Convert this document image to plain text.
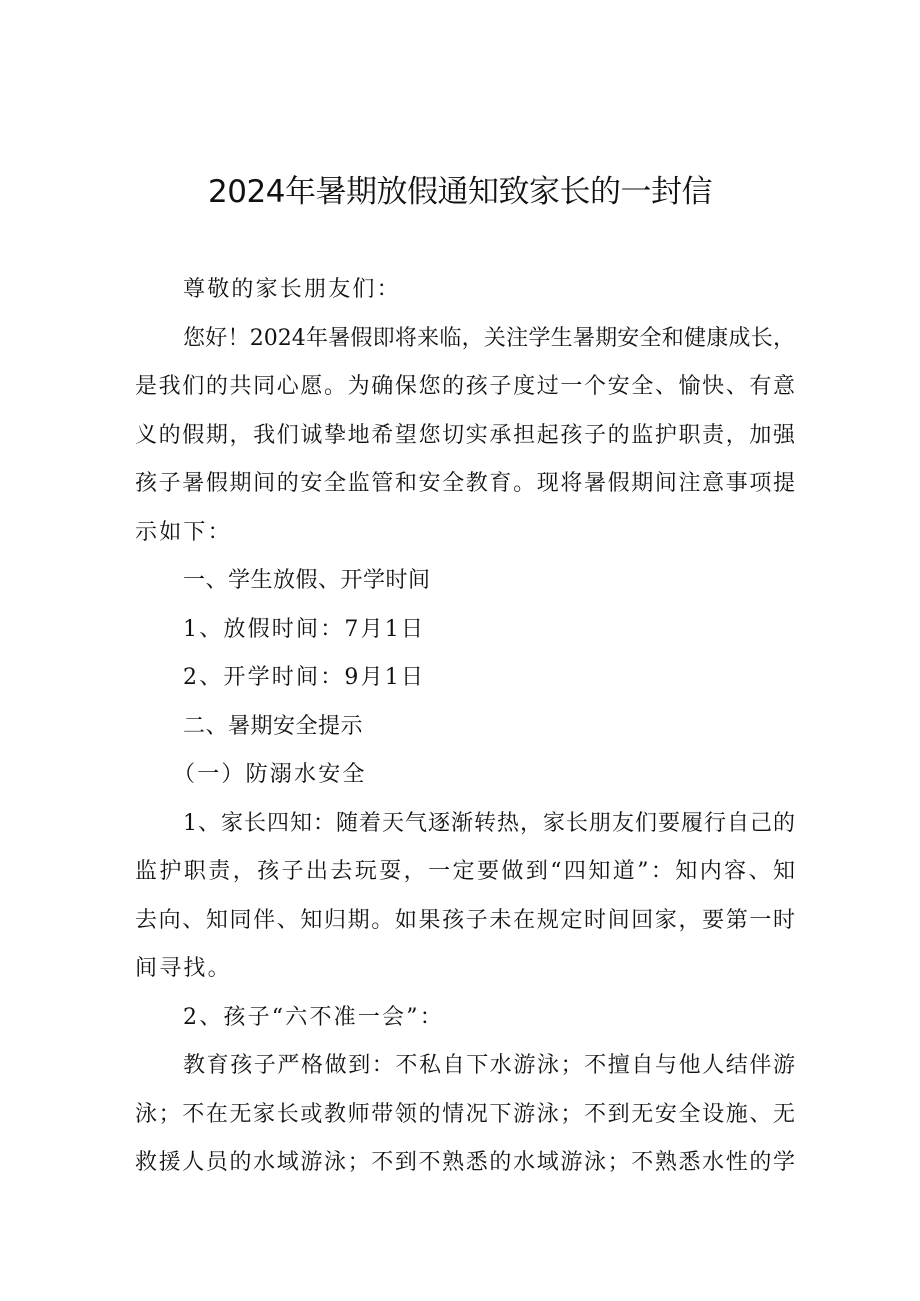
2024年暑期放假通知致家长的一封信
尊敬的家长朋友们：
您好！2024年暑假即将来临，关注学生暑期安全和健康成长，
是我们的共同心愿。为确保您的孩子度过一个安全、愉快、有意
义的假期，我们诚挚地希望您切实承担起孩子的监护职责，加强
孩子暑假期间的安全监管和安全教育。现将暑假期间注意事项提
示如下：
一、学生放假、开学时间
1、放假时间：7月1日
2、开学时间：9月1日
二、暑期安全提示
（一）防溺水安全
1、家长四知：随着天气逐渐转热，家长朋友们要履行自己的
监护职责，孩子出去玩耍，一定要做到“四知道”：知内容、知
去向、知同伴、知归期。如果孩子未在规定时间回家，要第一时
间寻找。
2、孩子“六不准一会”：
教育孩子严格做到：不私自下水游泳；不擅自与他人结伴游
泳；不在无家长或教师带领的情况下游泳；不到无安全设施、无
救援人员的水域游泳；不到不熟悉的水域游泳；不熟悉水性的学
